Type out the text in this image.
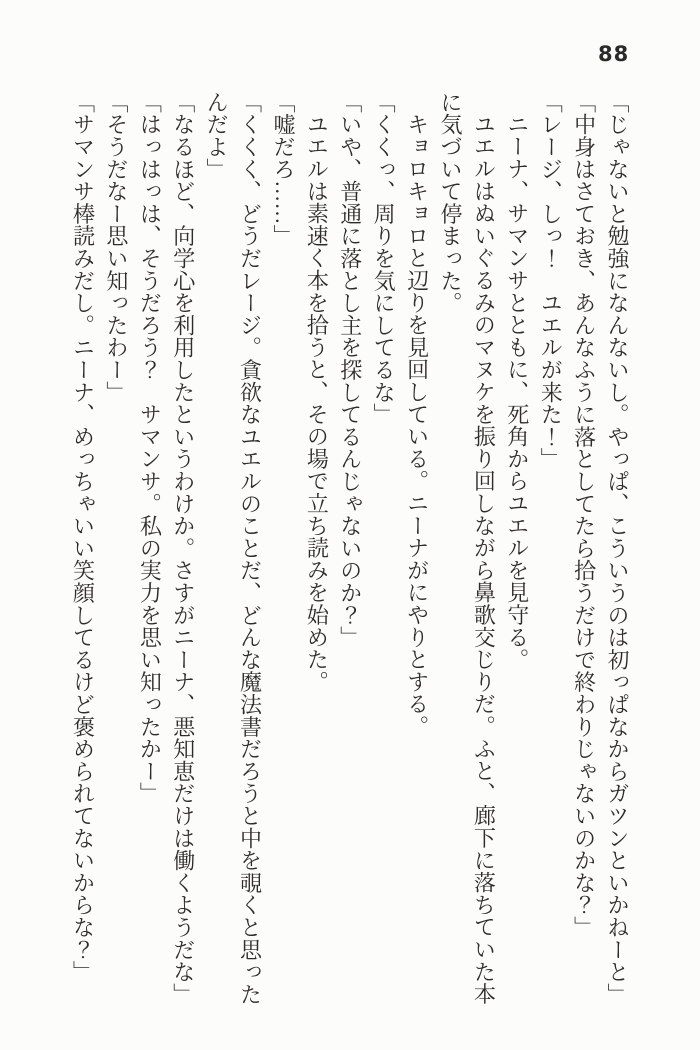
88

「じゃないと勉強になんないし。やっぱ、こういうのは初っぱなからガツンといかねーと」

「中身はさておき、あんなふうに落としてたら拾うだけで終わりじゃないのかな？」

「レージ、しっ！　ユエルが来た！」

ニーナ、サマンサとともに、死角からユエルを見守る。

ユエルはぬいぐるみのマヌケを振り回しながら鼻歌交じりだ。ふと、廊下に落ちていた本に気づいて停まった。

キョロキョロと辺りを見回している。ニーナがにやりとする。

「くくっ、周りを気にしてるな」

「いや、普通に落とし主を探してるんじゃないのか？」

ユエルは素速く本を拾うと、その場で立ち読みを始めた。

「嘘だろ……」

「くくく、どうだレージ。貪欲なユエルのことだ、どんな魔法書だろうと中を覗くと思ったんだよ」

「なるほど、向学心を利用したというわけか。さすがニーナ、悪知恵だけは働くようだな」

「はっはっは、そうだろう？　サマンサ。私の実力を思い知ったかー」

「そうだなー思い知ったわー」

「サマンサ棒読みだし。ニーナ、めっちゃいい笑顔してるけど褒められてないからな？」
